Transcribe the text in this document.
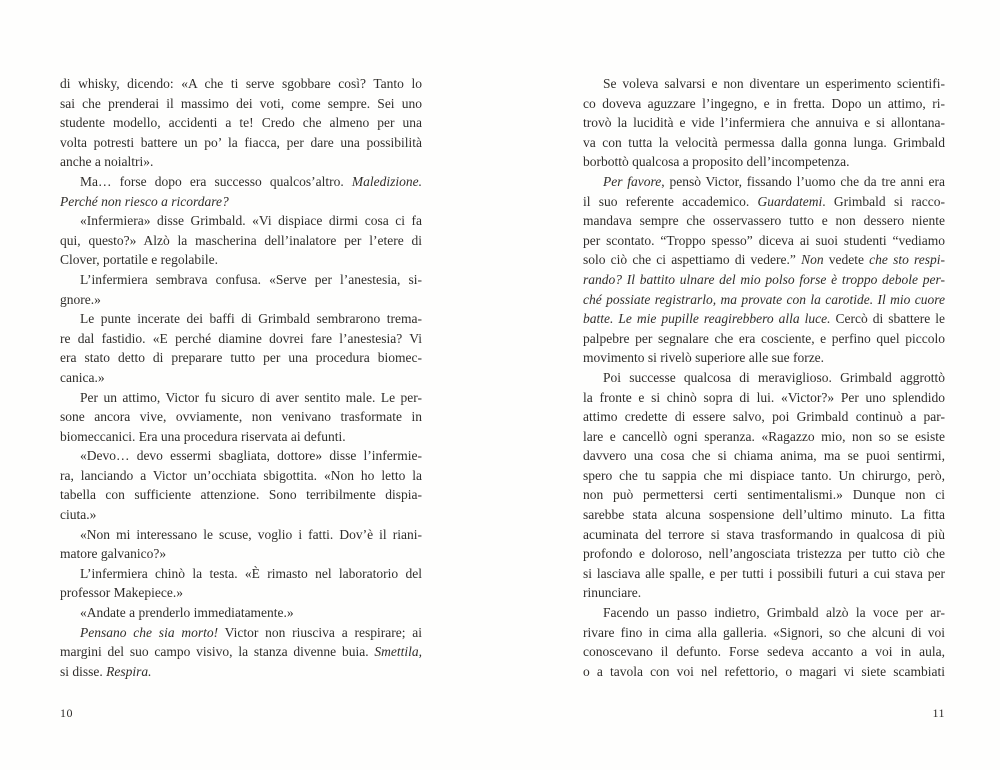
di whisky, dicendo: «A che ti serve sgobbare così? Tanto lo
sai che prenderai il massimo dei voti, come sempre. Sei uno
studente modello, accidenti a te! Credo che almeno per una
volta potresti battere un po’ la fiacca, per dare una possibilità
anche a noialtri».
Ma… forse dopo era successo qualcos’altro. Maledizione.
Perché non riesco a ricordare?
«Infermiera» disse Grimbald. «Vi dispiace dirmi cosa ci fa
qui, questo?» Alzò la mascherina dell’inalatore per l’etere di
Clover, portatile e regolabile.
L’infermiera sembrava confusa. «Serve per l’anestesia, si-
gnore.»
Le punte incerate dei baffi di Grimbald sembrarono trema-
re dal fastidio. «E perché diamine dovrei fare l’anestesia? Vi
era stato detto di preparare tutto per una procedura biomec-
canica.»
Per un attimo, Victor fu sicuro di aver sentito male. Le per-
sone ancora vive, ovviamente, non venivano trasformate in
biomeccanici. Era una procedura riservata ai defunti.
«Devo… devo essermi sbagliata, dottore» disse l’infermie-
ra, lanciando a Victor un’occhiata sbigottita. «Non ho letto la
tabella con sufficiente attenzione. Sono terribilmente dispia-
ciuta.»
«Non mi interessano le scuse, voglio i fatti. Dov’è il riani-
matore galvanico?»
L’infermiera chinò la testa. «È rimasto nel laboratorio del
professor Makepiece.»
«Andate a prenderlo immediatamente.»
Pensano che sia morto! Victor non riusciva a respirare; ai
margini del suo campo visivo, la stanza divenne buia. Smettila,
si disse. Respira.
Se voleva salvarsi e non diventare un esperimento scientifi-
co doveva aguzzare l’ingegno, e in fretta. Dopo un attimo, ri-
trovò la lucidità e vide l’infermiera che annuiva e si allontana-
va con tutta la velocità permessa dalla gonna lunga. Grimbald
borbottò qualcosa a proposito dell’incompetenza.
Per favore, pensò Victor, fissando l’uomo che da tre anni era
il suo referente accademico. Guardatemi. Grimbald si racco-
mandava sempre che osservassero tutto e non dessero niente
per scontato. “Troppo spesso” diceva ai suoi studenti “vediamo
solo ciò che ci aspettiamo di vedere.” Non vedete che sto respi-
rando? Il battito ulnare del mio polso forse è troppo debole per-
ché possiate registrarlo, ma provate con la carotide. Il mio cuore
batte. Le mie pupille reagirebbero alla luce. Cercò di sbattere le
palpebre per segnalare che era cosciente, e perfino quel piccolo
movimento si rivelò superiore alle sue forze.
Poi successe qualcosa di meraviglioso. Grimbald aggrottò
la fronte e si chinò sopra di lui. «Victor?» Per uno splendido
attimo credette di essere salvo, poi Grimbald continuò a par-
lare e cancellò ogni speranza. «Ragazzo mio, non so se esiste
davvero una cosa che si chiama anima, ma se puoi sentirmi,
spero che tu sappia che mi dispiace tanto. Un chirurgo, però,
non può permettersi certi sentimentalismi.» Dunque non ci
sarebbe stata alcuna sospensione dell’ultimo minuto. La fitta
acuminata del terrore si stava trasformando in qualcosa di più
profondo e doloroso, nell’angosciata tristezza per tutto ciò che
si lasciava alle spalle, e per tutti i possibili futuri a cui stava per
rinunciare.
Facendo un passo indietro, Grimbald alzò la voce per ar-
rivare fino in cima alla galleria. «Signori, so che alcuni di voi
conoscevano il defunto. Forse sedeva accanto a voi in aula,
o a tavola con voi nel refettorio, o magari vi siete scambiati
10	11
